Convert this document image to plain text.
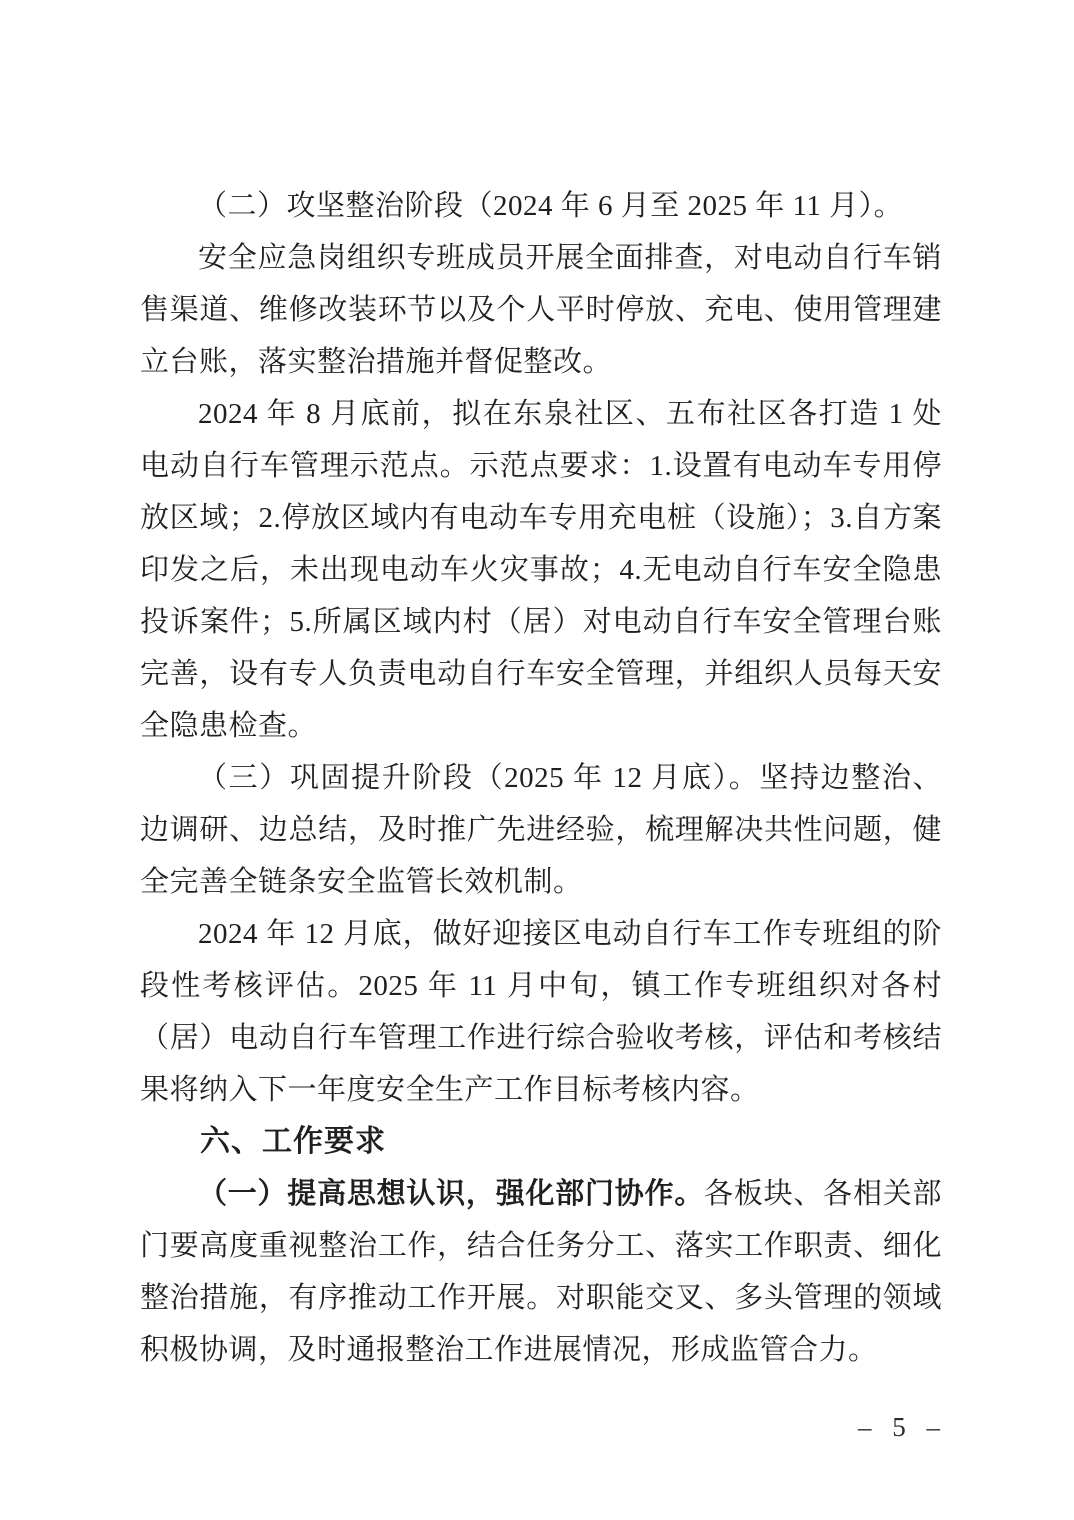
（二）攻坚整治阶段（2024 年 6 月至 2025 年 11 月）。

安全应急岗组织专班成员开展全面排查，对电动自行车销售渠道、维修改装环节以及个人平时停放、充电、使用管理建立台账，落实整治措施并督促整改。

2024 年 8 月底前，拟在东泉社区、五布社区各打造 1 处电动自行车管理示范点。示范点要求：1.设置有电动车专用停放区域；2.停放区域内有电动车专用充电桩（设施）；3.自方案印发之后，未出现电动车火灾事故；4.无电动自行车安全隐患投诉案件；5.所属区域内村（居）对电动自行车安全管理台账完善，设有专人负责电动自行车安全管理，并组织人员每天安全隐患检查。

（三）巩固提升阶段（2025 年 12 月底）。坚持边整治、边调研、边总结，及时推广先进经验，梳理解决共性问题，健全完善全链条安全监管长效机制。

2024 年 12 月底，做好迎接区电动自行车工作专班组的阶段性考核评估。2025 年 11 月中旬，镇工作专班组织对各村（居）电动自行车管理工作进行综合验收考核，评估和考核结果将纳入下一年度安全生产工作目标考核内容。

六、工作要求

（一）提高思想认识，强化部门协作。各板块、各相关部门要高度重视整治工作，结合任务分工、落实工作职责、细化整治措施，有序推动工作开展。对职能交叉、多头管理的领域积极协调，及时通报整治工作进展情况，形成监管合力。

– 5 –
